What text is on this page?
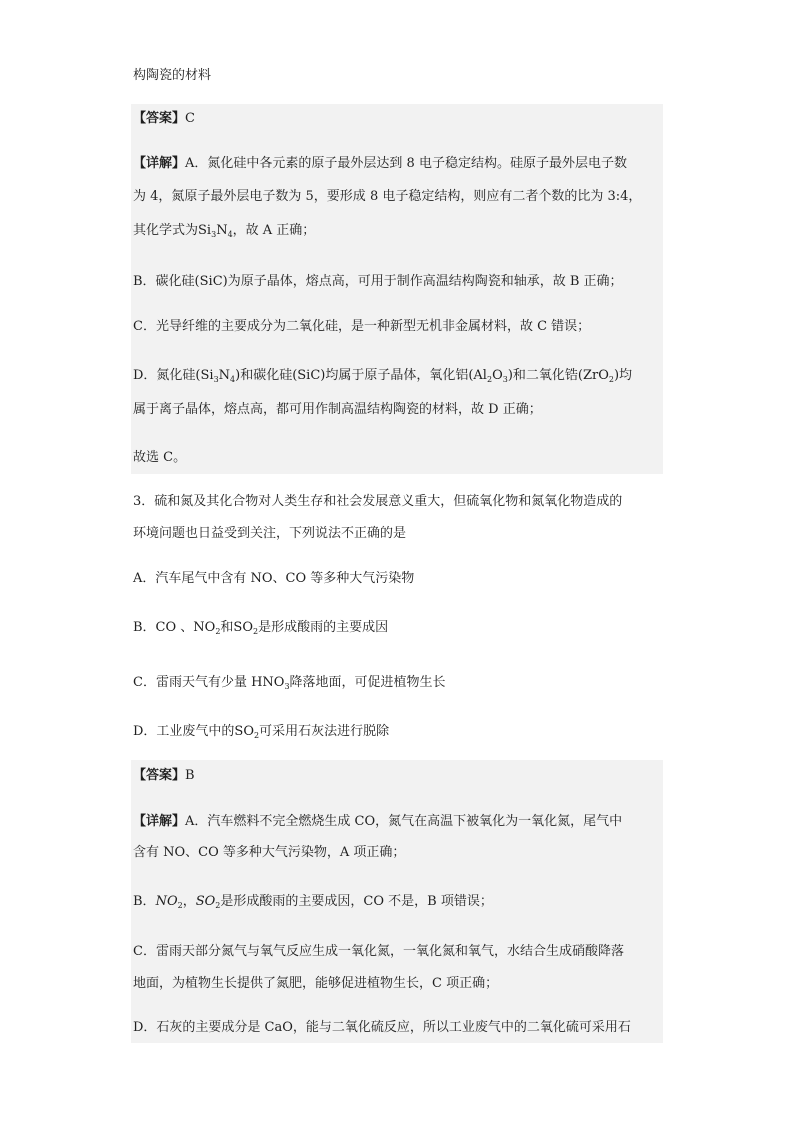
构陶瓷的材料
【答案】C
【详解】A．氮化硅中各元素的原子最外层达到 8 电子稳定结构。硅原子最外层电子数
为 4，氮原子最外层电子数为 5，要形成 8 电子稳定结构，则应有二者个数的比为 3:4，
其化学式为$Si_3N_4$，故 A 正确；
B．碳化硅(SiC)为原子晶体，熔点高，可用于制作高温结构陶瓷和轴承，故 B 正确；
C．光导纤维的主要成分为二氧化硅，是一种新型无机非金属材料，故 C 错误；
D．氮化硅$(Si_3N_4)$和碳化硅(SiC)均属于原子晶体，氧化铝$(Al_2O_3)$和二氧化锆(ZrO$_2$)均
属于离子晶体，熔点高，都可用作制高温结构陶瓷的材料，故 D 正确；
故选 C。
3．硫和氮及其化合物对人类生存和社会发展意义重大，但硫氧化物和氮氧化物造成的
环境问题也日益受到关注，下列说法不正确的是
A．汽车尾气中含有 NO、CO 等多种大气污染物
B．CO 、$NO_2$和$SO_2$是形成酸雨的主要成因
C．雷雨天气有少量 $HNO_3$降落地面，可促进植物生长
D．工业废气中的$SO_2$可采用石灰法进行脱除
【答案】B
【详解】A．汽车燃料不完全燃烧生成 CO，氮气在高温下被氧化为一氧化氮，尾气中
含有 NO、CO 等多种大气污染物，A 项正确；
B．$NO_2$，$SO_2$是形成酸雨的主要成因，CO 不是，B 项错误；
C．雷雨天部分氮气与氧气反应生成一氧化氮，一氧化氮和氧气，水结合生成硝酸降落
地面，为植物生长提供了氮肥，能够促进植物生长，C 项正确；
D．石灰的主要成分是 CaO，能与二氧化硫反应，所以工业废气中的二氧化硫可采用石
